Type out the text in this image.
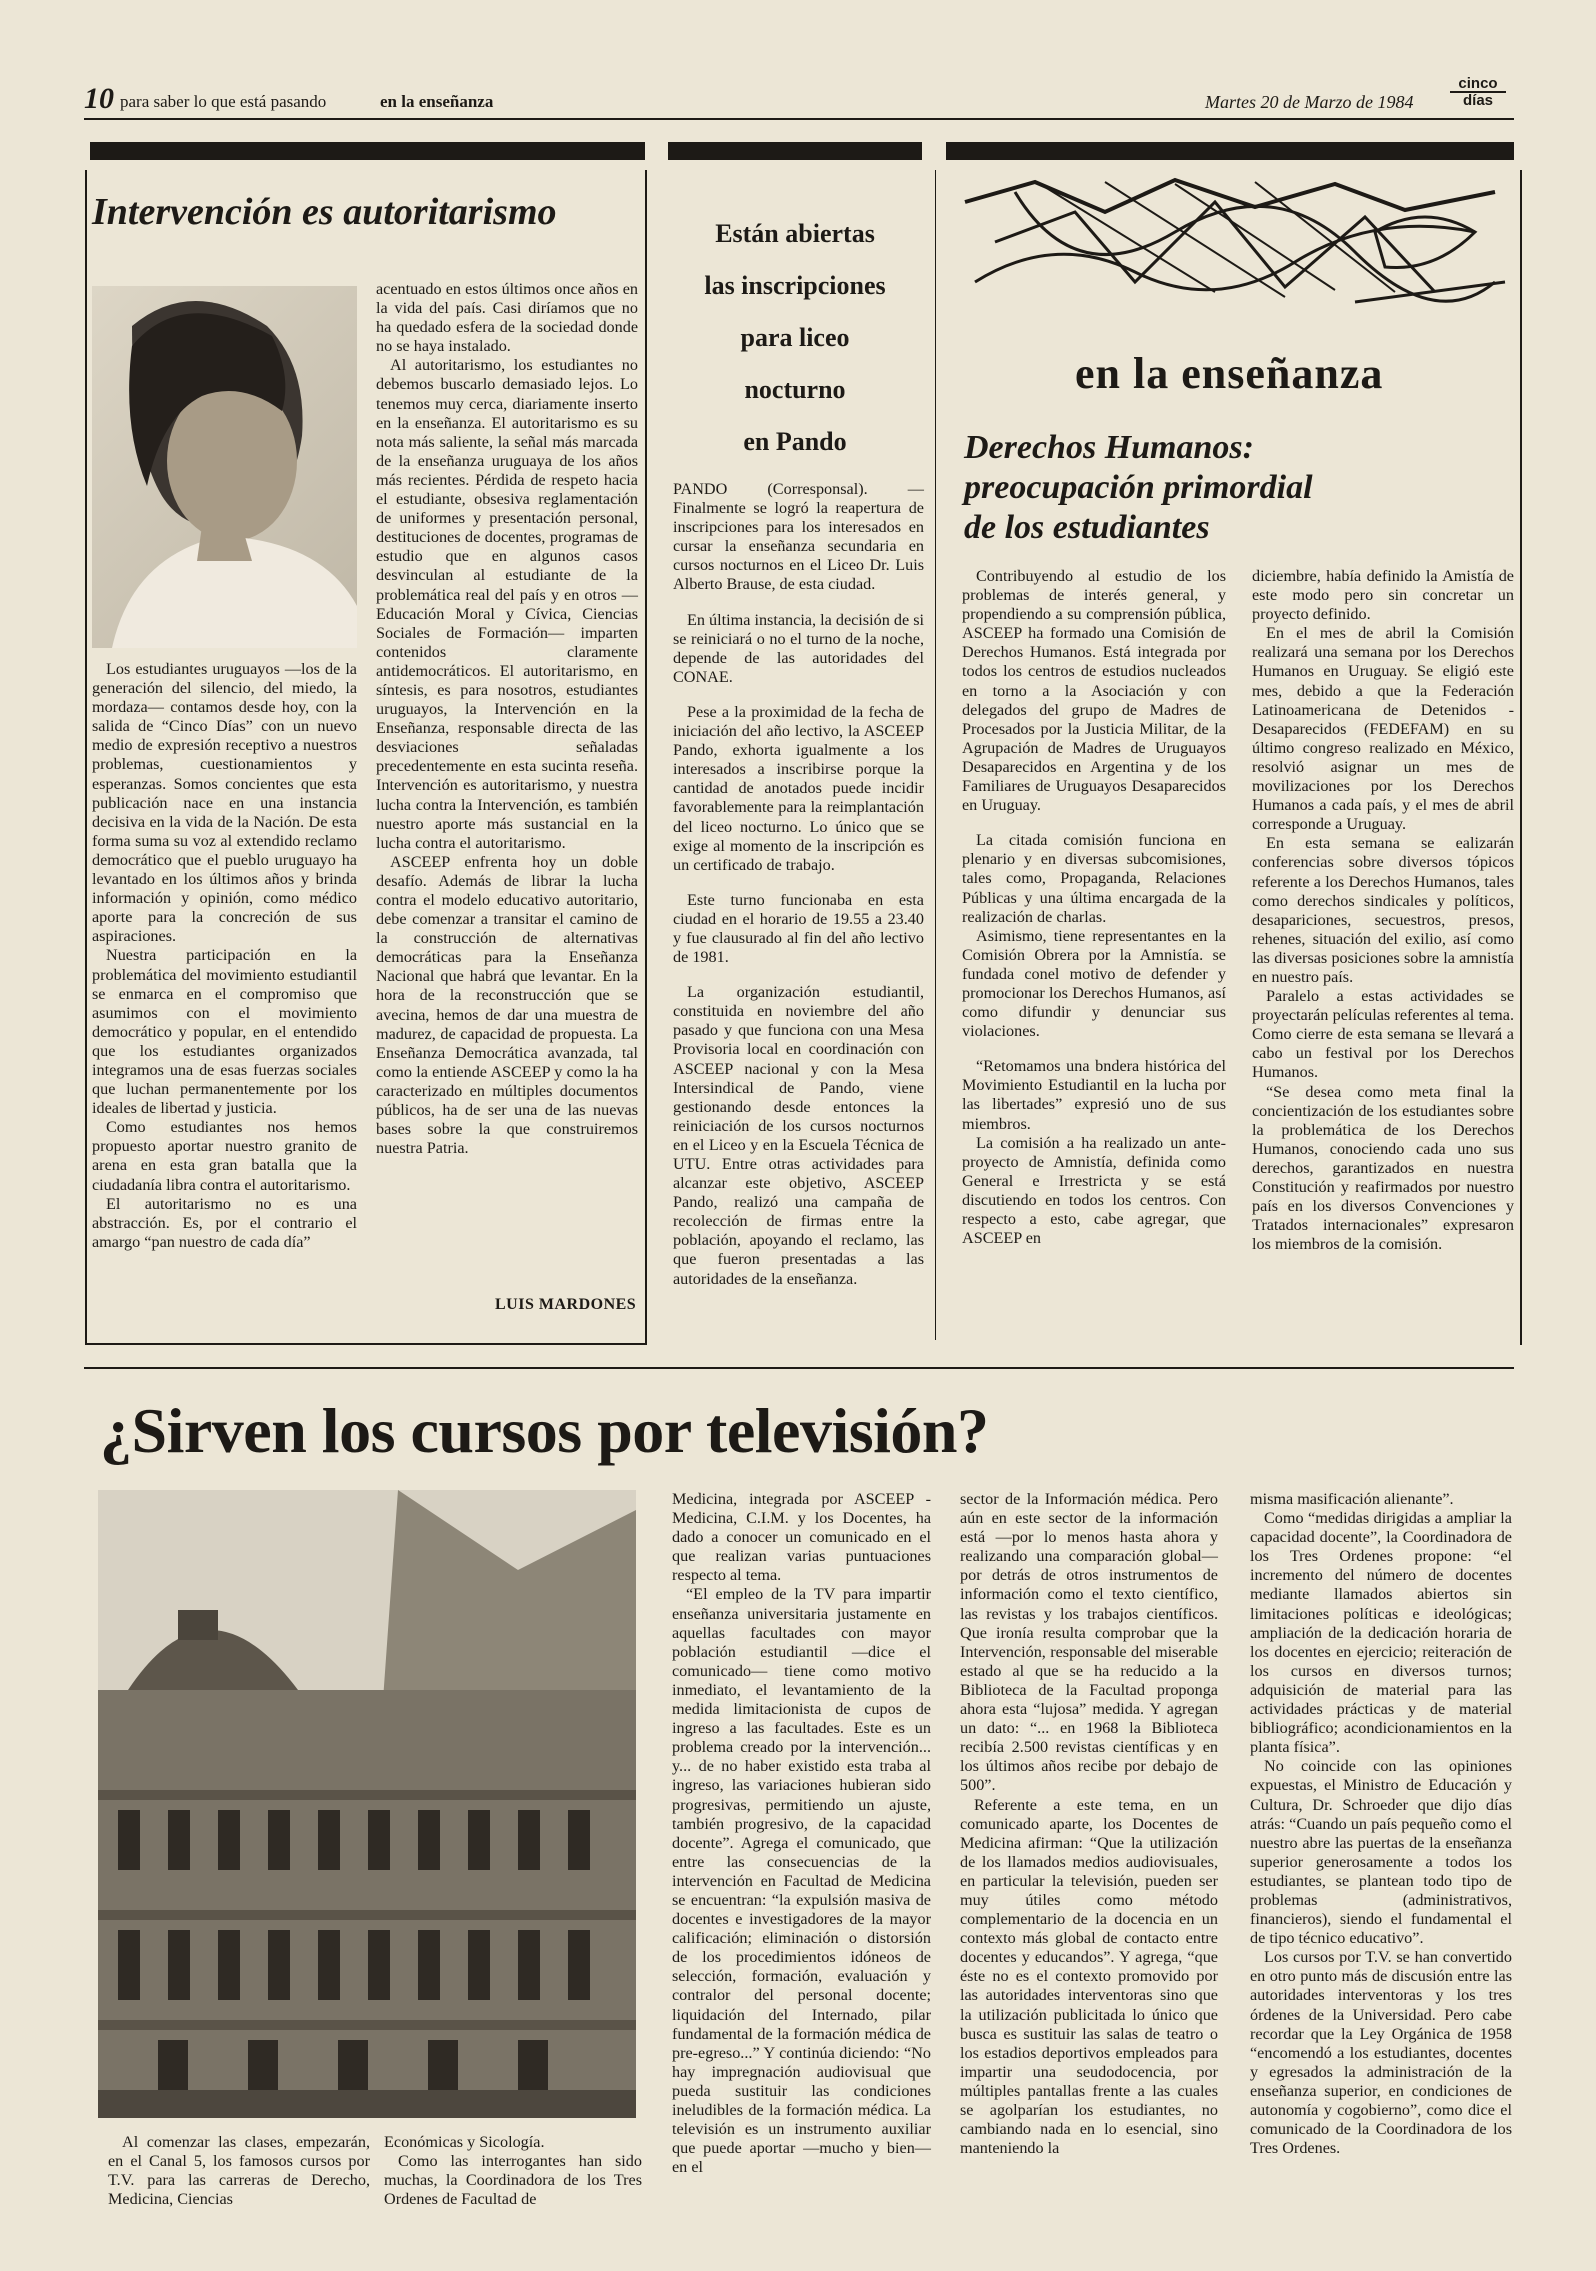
10 para saber lo que está pasando	en la enseñanza	Martes 20 de Marzo de 1984
cinco
días
Intervención es autoritarismo

Los estudiantes uruguayos —los de la generación del silencio, del miedo, la mordaza— contamos desde hoy, con la salida de “Cinco Días” con un nuevo medio de expresión receptivo a nuestros problemas, cuestionamientos y esperanzas. Somos concientes que esta publicación nace en una instancia decisiva en la vida de la Nación. De esta forma suma su voz al extendido reclamo democrático que el pueblo uruguayo ha levantado en los últimos años y brinda información y opinión, como médico aporte para la concreción de sus aspiraciones.

Nuestra participación en la problemática del movimiento estudiantil se enmarca en el compromiso que asumimos con el movimiento democrático y popular, en el entendido que los estudiantes organizados integramos una de esas fuerzas sociales que luchan permanentemente por los ideales de libertad y justicia.

Como estudiantes nos hemos propuesto aportar nuestro granito de arena en esta gran batalla que la ciudadanía libra contra el autoritarismo.

El autoritarismo no es una abstracción. Es, por el contrario el amargo “pan nuestro de cada día”

acentuado en estos últimos once años en la vida del país. Casi diríamos que no ha quedado esfera de la sociedad donde no se haya instalado.

Al autoritarismo, los estudiantes no debemos buscarlo demasiado lejos. Lo tenemos muy cerca, diariamente inserto en la enseñanza. El autoritarismo es su nota más saliente, la señal más marcada de la enseñanza uruguaya de los años más recientes. Pérdida de respeto hacia el estudiante, obsesiva reglamentación de uniformes y presentación personal, destituciones de docentes, programas de estudio que en algunos casos desvinculan al estudiante de la problemática real del país y en otros —Educación Moral y Cívica, Ciencias Sociales de Formación— imparten contenidos claramente antidemocráticos. El autoritarismo, en síntesis, es para nosotros, estudiantes uruguayos, la Intervención en la Enseñanza, responsable directa de las desviaciones señaladas precedentemente en esta sucinta reseña. Intervención es autoritarismo, y nuestra lucha contra la Intervención, es también nuestro aporte más sustancial en la lucha contra el autoritarismo.

ASCEEP enfrenta hoy un doble desafío. Además de librar la lucha contra el modelo educativo autoritario, debe comenzar a transitar el camino de la construcción de alternativas democráticas para la Enseñanza Nacional que habrá que levantar. En la hora de la reconstrucción que se avecina, hemos de dar una muestra de madurez, de capacidad de propuesta. La Enseñanza Democrática avanzada, tal como la entiende ASCEEP y como la ha caracterizado en múltiples documentos públicos, ha de ser una de las nuevas bases sobre la que construiremos nuestra Patria.

LUIS MARDONES
Están abiertas
las inscripciones
para liceo
nocturno
en Pando

PANDO (Corresponsal). — Finalmente se logró la reapertura de inscripciones para los interesados en cursar la enseñanza secundaria en cursos nocturnos en el Liceo Dr. Luis Alberto Brause, de esta ciudad.

En última instancia, la decisión de si se reiniciará o no el turno de la noche, depende de las autoridades del CONAE.

Pese a la proximidad de la fecha de iniciación del año lectivo, la ASCEEP Pando, exhorta igualmente a los interesados a inscribirse porque la cantidad de anotados puede incidir favorablemente para la reimplantación del liceo nocturno. Lo único que se exige al momento de la inscripción es un certificado de trabajo.

Este turno funcionaba en esta ciudad en el horario de 19.55 a 23.40 y fue clausurado al fin del año lectivo de 1981.

La organización estudiantil, constituida en noviembre del año pasado y que funciona con una Mesa Provisoria local en coordinación con ASCEEP nacional y con la Mesa Intersindical de Pando, viene gestionando desde entonces la reiniciación de los cursos nocturnos en el Liceo y en la Escuela Técnica de UTU. Entre otras actividades para alcanzar este objetivo, ASCEEP Pando, realizó una campaña de recolección de firmas entre la población, apoyando el reclamo, las que fueron presentadas a las autoridades de la enseñanza.

en la enseñanza
Derechos Humanos:
preocupación primordial
de los estudiantes

Contribuyendo al estudio de los problemas de interés general, y propendiendo a su comprensión pública, ASCEEP ha formado una Comisión de Derechos Humanos. Está integrada por todos los centros de estudios nucleados en torno a la Asociación y con delegados del grupo de Madres de Procesados por la Justicia Militar, de la Agrupación de Madres de Uruguayos Desaparecidos en Argentina y de los Familiares de Uruguayos Desaparecidos en Uruguay.

La citada comisión funciona en plenario y en diversas subcomisiones, tales como, Propaganda, Relaciones Públicas y una última encargada de la realización de charlas.

Asimismo, tiene representantes en la Comisión Obrera por la Amnistía. se fundada conel motivo de defender y promocionar los Derechos Humanos, así como difundir y denunciar sus violaciones.

“Retomamos una bndera histórica del Movimiento Estudiantil en la lucha por las libertades” expresió uno de sus miembros.

La comisión a ha realizado un ante-proyecto de Amnistía, definida como General e Irrestricta y se está discutiendo en todos los centros. Con respecto a esto, cabe agregar, que ASCEEP en

diciembre, había definido la Amistía de este modo pero sin concretar un proyecto definido.

En el mes de abril la Comisión realizará una semana por los Derechos Humanos en Uruguay. Se eligió este mes, debido a que la Federación Latinoamericana de Detenidos - Desaparecidos (FEDEFAM) en su último congreso realizado en México, resolvió asignar un mes de movilizaciones por los Derechos Humanos a cada país, y el mes de abril corresponde a Uruguay.

En esta semana se ealizarán conferencias sobre diversos tópicos referente a los Derechos Humanos, tales como derechos sindicales y políticos, desapariciones, secuestros, presos, rehenes, situación del exilio, así como las diversas posiciones sobre la amnistía en nuestro país.

Paralelo a estas actividades se proyectarán películas referentes al tema. Como cierre de esta semana se llevará a cabo un festival por los Derechos Humanos.

“Se desea como meta final la concientización de los estudiantes sobre la problemática de los Derechos Humanos, conociendo cada uno sus derechos, garantizados en nuestra Constitución y reafirmados por nuestro país en los diversos Convenciones y Tratados internacionales” expresaron los miembros de la comisión.

¿Sirven los cursos por televisión?

Al comenzar las clases, empezarán, en el Canal 5, los famosos cursos por T.V. para las carreras de Derecho, Medicina, Ciencias

Económicas y Sicología.

Como las interrogantes han sido muchas, la Coordinadora de los Tres Ordenes de Facultad de

Medicina, integrada por ASCEEP - Medicina, C.I.M. y los Docentes, ha dado a conocer un comunicado en el que realizan varias puntuaciones respecto al tema.

“El empleo de la TV para impartir enseñanza universitaria justamente en aquellas facultades con mayor población estudiantil —dice el comunicado— tiene como motivo inmediato, el levantamiento de la medida limitacionista de cupos de ingreso a las facultades. Este es un problema creado por la intervención... y... de no haber existido esta traba al ingreso, las variaciones hubieran sido progresivas, permitiendo un ajuste, también progresivo, de la capacidad docente”. Agrega el comunicado, que entre las consecuencias de la intervención en Facultad de Medicina se encuentran: “la expulsión masiva de docentes e investigadores de la mayor calificación; eliminación o distorsión de los procedimientos idóneos de selección, formación, evaluación y contralor del personal docente; liquidación del Internado, pilar fundamental de la formación médica de pre-egreso...” Y continúa diciendo: “No hay impregnación audiovisual que pueda sustituir las condiciones ineludibles de la formación médica. La televisión es un instrumento auxiliar que puede aportar —mucho y bien— en el

sector de la Información médica. Pero aún en este sector de la información está —por lo menos hasta ahora y realizando una comparación global— por detrás de otros instrumentos de información como el texto científico, las revistas y los trabajos científicos. Que ironía resulta comprobar que la Intervención, responsable del miserable estado al que se ha reducido a la Biblioteca de la Facultad proponga ahora esta “lujosa” medida. Y agregan un dato: “... en 1968 la Biblioteca recibía 2.500 revistas científicas y en los últimos años recibe por debajo de 500”.

Referente a este tema, en un comunicado aparte, los Docentes de Medicina afirman: “Que la utilización de los llamados medios audiovisuales, en particular la televisión, pueden ser muy útiles como método complementario de la docencia en un contexto más global de contacto entre docentes y educandos”. Y agrega, “que éste no es el contexto promovido por las autoridades interventoras sino que la utilización publicitada lo único que busca es sustituir las salas de teatro o los estadios deportivos empleados para impartir una seudodocencia, por múltiples pantallas frente a las cuales se agolparían los estudiantes, no cambiando nada en lo esencial, sino manteniendo la

misma masificación alienante”.

Como “medidas dirigidas a ampliar la capacidad docente”, la Coordinadora de los Tres Ordenes propone: “el incremento del número de docentes mediante llamados abiertos sin limitaciones políticas e ideológicas; ampliación de la dedicación horaria de los docentes en ejercicio; reiteración de los cursos en diversos turnos; adquisición de material para las actividades prácticas y de material bibliográfico; acondicionamientos en la planta física”.

No coincide con las opiniones expuestas, el Ministro de Educación y Cultura, Dr. Schroeder que dijo días atrás: “Cuando un país pequeño como el nuestro abre las puertas de la enseñanza superior generosamente a todos los estudiantes, se plantean todo tipo de problemas (administrativos, financieros), siendo el fundamental el de tipo técnico educativo”.

Los cursos por T.V. se han convertido en otro punto más de discusión entre las autoridades interventoras y los tres órdenes de la Universidad. Pero cabe recordar que la Ley Orgánica de 1958 “encomendó a los estudiantes, docentes y egresados la administración de la enseñanza superior, en condiciones de autonomía y cogobierno”, como dice el comunicado de la Coordinadora de los Tres Ordenes.
